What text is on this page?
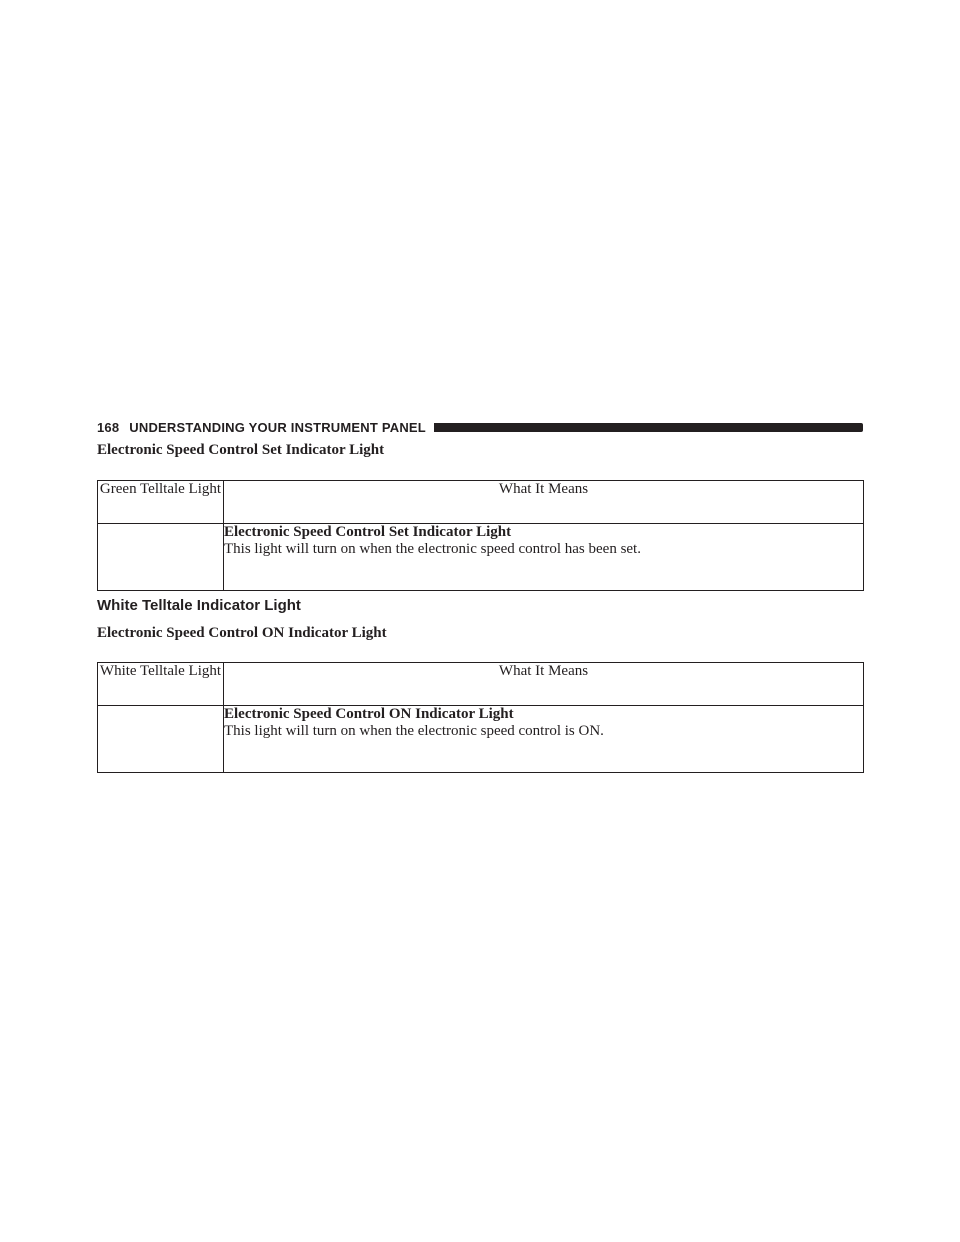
168 UNDERSTANDING YOUR INSTRUMENT PANEL
Electronic Speed Control Set Indicator Light
Green Telltale Light	What It Means

	Electronic Speed Control Set Indicator Light
This light will turn on when the electronic speed control has been set.
White Telltale Indicator Light
Electronic Speed Control ON Indicator Light
White Telltale Light	What It Means

	Electronic Speed Control ON Indicator Light
This light will turn on when the electronic speed control is ON.
